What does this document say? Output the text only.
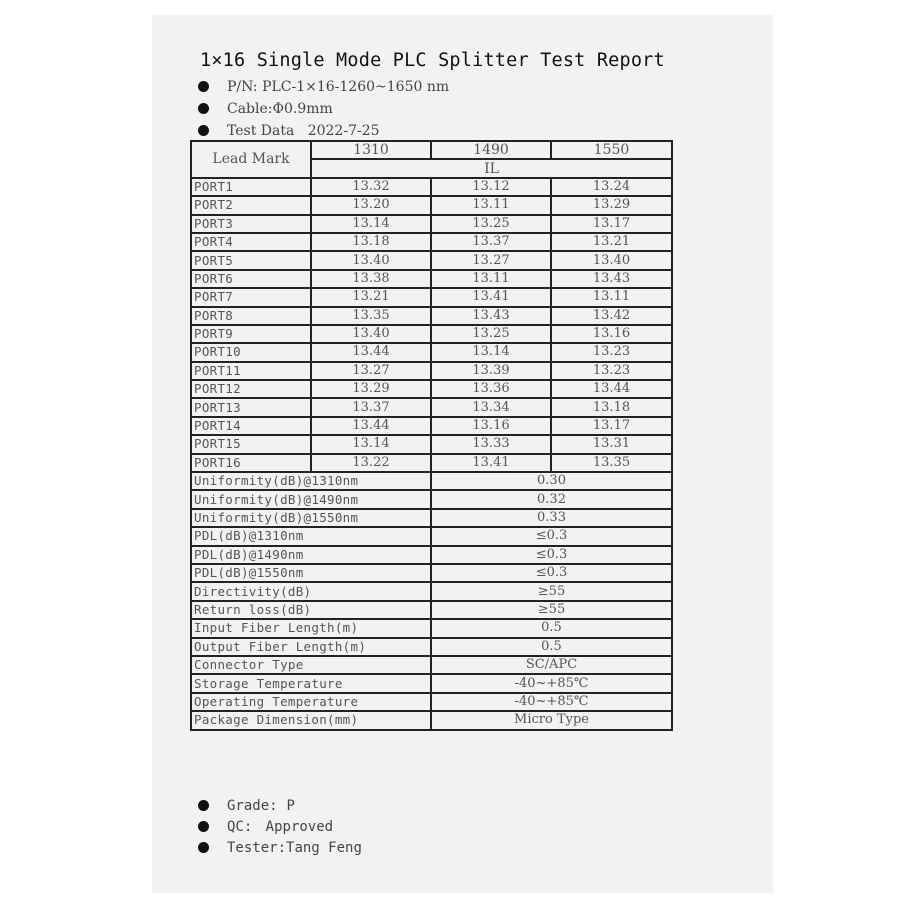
1×16 Single Mode PLC Splitter Test Report
P/N: PLC-1×16-1260~1650 nm
Cable:Φ0.9mm
Test Data 2022-7-25
Lead Mark	1310	1490	1550
	IL		
PORT1	13.32	13.12	13.24
PORT2	13.20	13.11	13.29
PORT3	13.14	13.25	13.17
PORT4	13.18	13.37	13.21
PORT5	13.40	13.27	13.40
PORT6	13.38	13.11	13.43
PORT7	13.21	13.41	13.11
PORT8	13.35	13.43	13.42
PORT9	13.40	13.25	13.16
PORT10	13.44	13.14	13.23
PORT11	13.27	13.39	13.23
PORT12	13.29	13.36	13.44
PORT13	13.37	13.34	13.18
PORT14	13.44	13.16	13.17
PORT15	13.14	13.33	13.31
PORT16	13.22	13.41	13.35
Uniformity(dB)@1310nm		0.30	
Uniformity(dB)@1490nm		0.32	
Uniformity(dB)@1550nm		0.33	
PDL(dB)@1310nm		≤0.3	
PDL(dB)@1490nm		≤0.3	
PDL(dB)@1550nm		≤0.3	
Directivity(dB)		≥55	
Return loss(dB)		≥55	
Input Fiber Length(m)		0.5	
Output Fiber Length(m)		0.5	
Connector Type		SC/APC	
Storage Temperature		-40~+85℃	
Operating Temperature		-40~+85℃	
Package Dimension(mm)		Micro Type	
Grade: P
QC: Approved
Tester:Tang Feng
